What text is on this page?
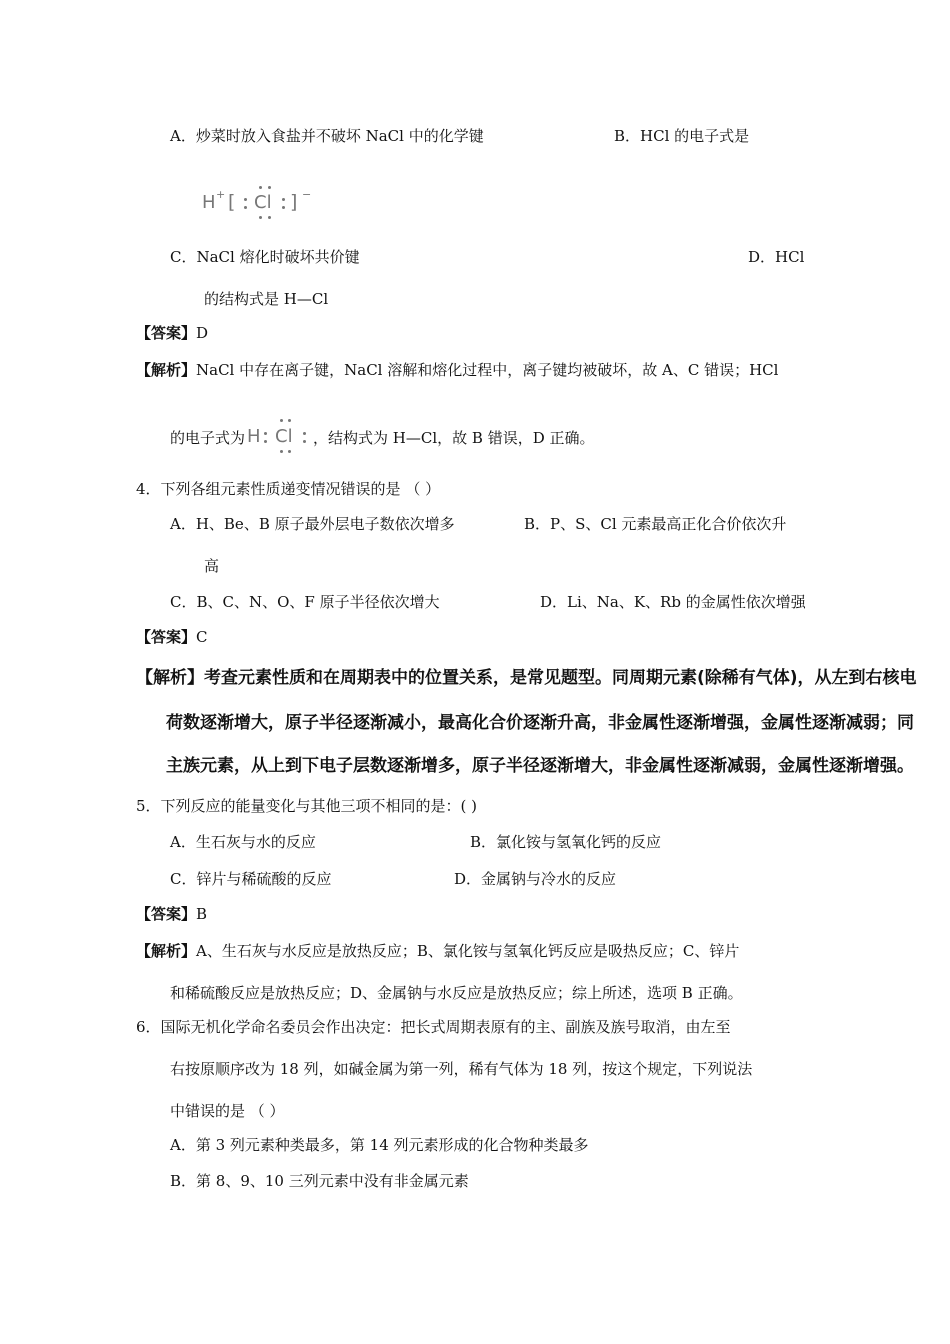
A．炒菜时放入食盐并不破坏 NaCl 中的化学键	B．HCl 的电子式是
H + [ Cl ] −
C．NaCl 熔化时破坏共价键	D．HCl
的结构式是 H—Cl
【答案】D
【解析】NaCl 中存在离子键，NaCl 溶解和熔化过程中，离子键均被破坏，故 A、C 错误；HCl
的电子式为 H Cl ，结构式为 H—Cl，故 B 错误，D 正确。
4．下列各组元素性质递变情况错误的是 （ ）
A．H、Be、B 原子最外层电子数依次增多	B．P、S、Cl 元素最高正化合价依次升
高
C．B、C、N、O、F 原子半径依次增大	D．Li、Na、K、Rb 的金属性依次增强
【答案】C
【解析】考查元素性质和在周期表中的位置关系，是常见题型。同周期元素(除稀有气体)，从左到右核电
荷数逐渐增大，原子半径逐渐减小，最高化合价逐渐升高，非金属性逐渐增强，金属性逐渐减弱；同
主族元素，从上到下电子层数逐渐增多，原子半径逐渐增大，非金属性逐渐减弱，金属性逐渐增强。
5．下列反应的能量变化与其他三项不相同的是：( )
A．生石灰与水的反应	B．氯化铵与氢氧化钙的反应
C．锌片与稀硫酸的反应	D．金属钠与冷水的反应
【答案】B
【解析】A、生石灰与水反应是放热反应；B、氯化铵与氢氧化钙反应是吸热反应；C、锌片
和稀硫酸反应是放热反应；D、金属钠与水反应是放热反应；综上所述，选项 B 正确。
6．国际无机化学命名委员会作出决定：把长式周期表原有的主、副族及族号取消，由左至
右按原顺序改为 18 列，如碱金属为第一列，稀有气体为 18 列，按这个规定，下列说法
中错误的是 （ ）
A．第 3 列元素种类最多，第 14 列元素形成的化合物种类最多
B．第 8、9、10 三列元素中没有非金属元素
